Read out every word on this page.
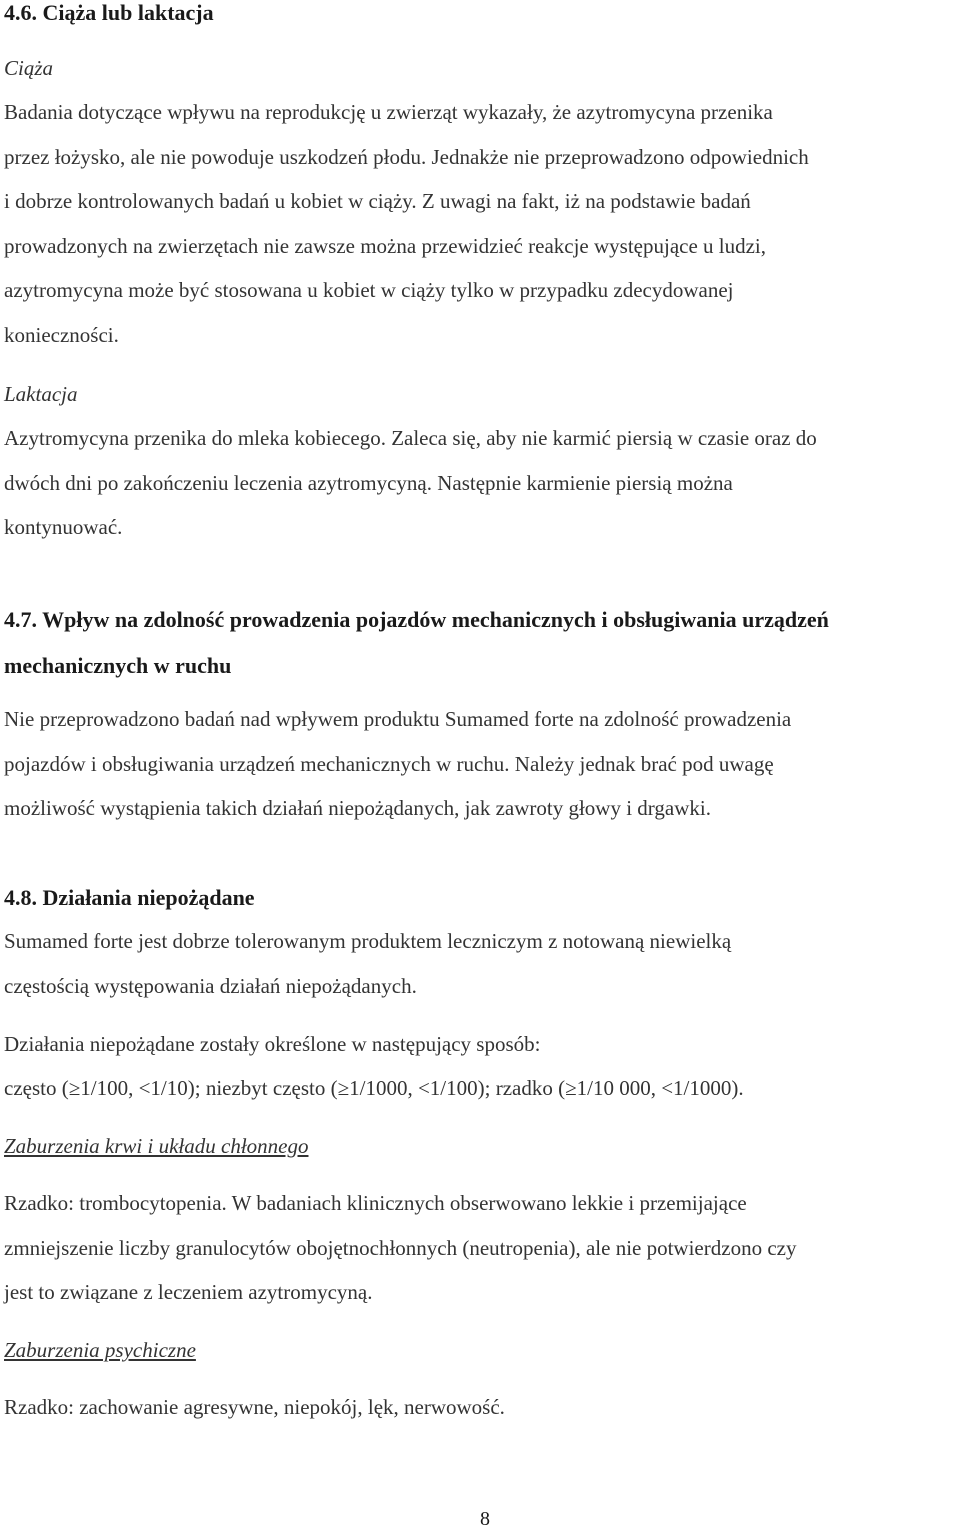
4.6. Ciąża lub laktacja

Ciąża

Badania dotyczące wpływu na reprodukcję u zwierząt wykazały, że azytromycyna przenika
przez łożysko, ale nie powoduje uszkodzeń płodu. Jednakże nie przeprowadzono odpowiednich
i dobrze kontrolowanych badań u kobiet w ciąży. Z uwagi na fakt, iż na podstawie badań
prowadzonych na zwierzętach nie zawsze można przewidzieć reakcje występujące u ludzi,
azytromycyna może być stosowana u kobiet w ciąży tylko w przypadku zdecydowanej
konieczności.

Laktacja

Azytromycyna przenika do mleka kobiecego. Zaleca się, aby nie karmić piersią w czasie oraz do
dwóch dni po zakończeniu leczenia azytromycyną. Następnie karmienie piersią można
kontynuować.
4.7. Wpływ na zdolność prowadzenia pojazdów mechanicznych i obsługiwania urządzeń
mechanicznych w ruchu
Nie przeprowadzono badań nad wpływem produktu Sumamed forte na zdolność prowadzenia
pojazdów i obsługiwania urządzeń mechanicznych w ruchu. Należy jednak brać pod uwagę
możliwość wystąpienia takich działań niepożądanych, jak zawroty głowy i drgawki.
4.8. Działania niepożądane
Sumamed forte jest dobrze tolerowanym produktem leczniczym z notowaną niewielką
częstością występowania działań niepożądanych.

Działania niepożądane zostały określone w następujący sposób:

często (≥1/100, <1/10); niezbyt często (≥1/1000, <1/100); rzadko (≥1/10 000, <1/1000).

Zaburzenia krwi i układu chłonnego

Rzadko: trombocytopenia. W badaniach klinicznych obserwowano lekkie i przemijające
zmniejszenie liczby granulocytów obojętnochłonnych (neutropenia), ale nie potwierdzono czy
jest to związane z leczeniem azytromycyną.

Zaburzenia psychiczne

Rzadko: zachowanie agresywne, niepokój, lęk, nerwowość.

8
